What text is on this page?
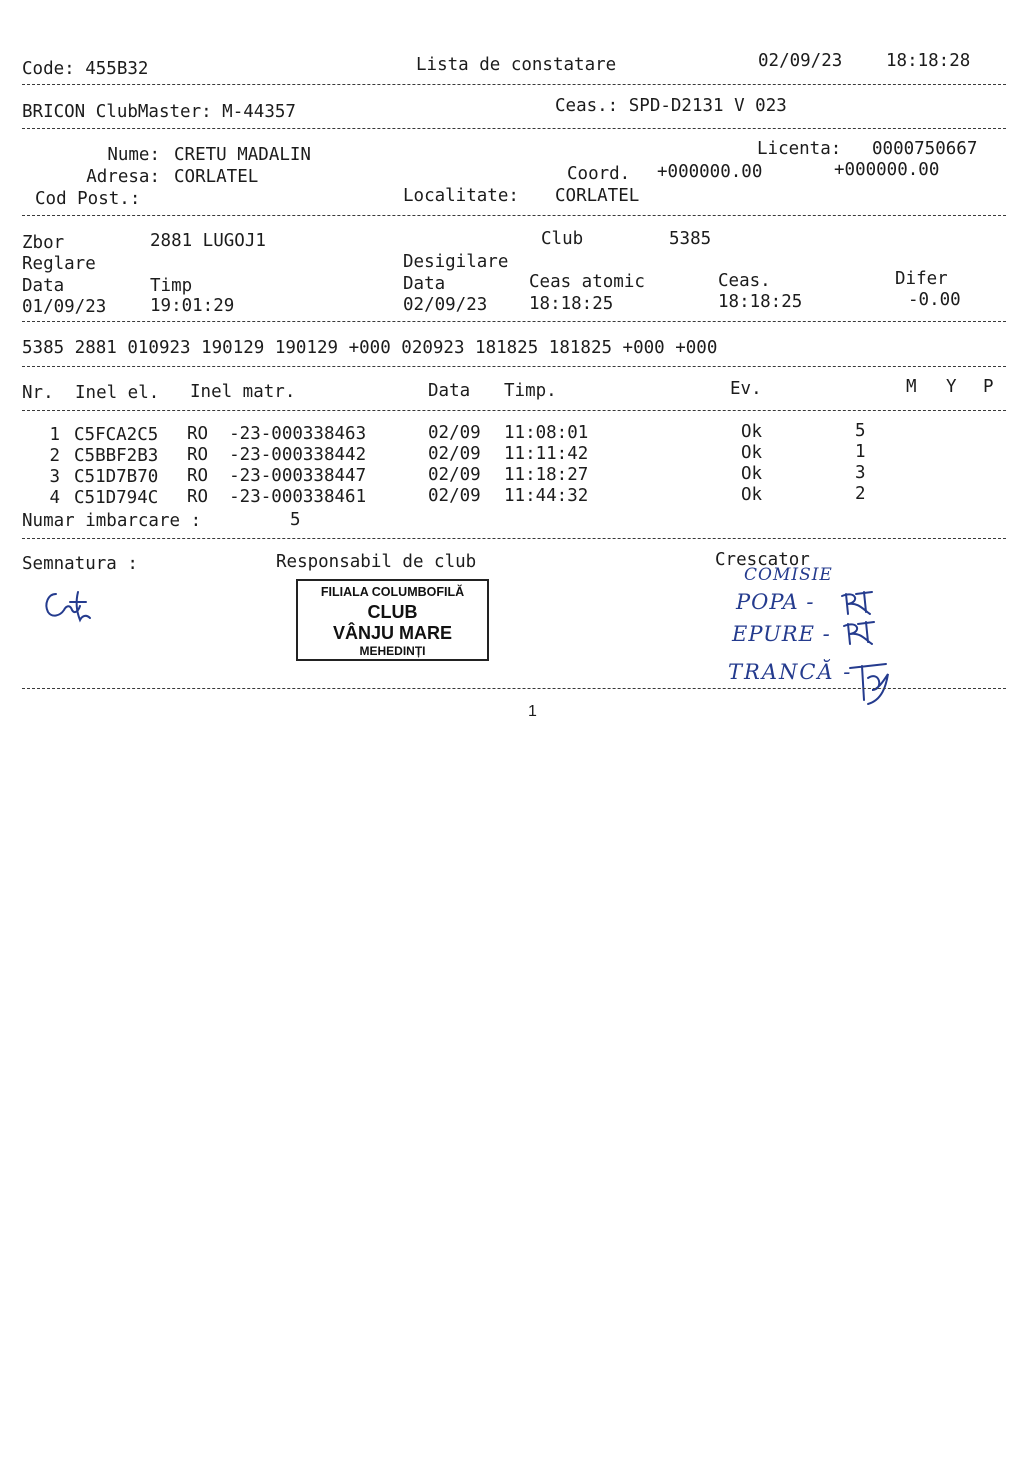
Code: 455B32	Lista de constatare	02/09/23 18:18:28
BRICON ClubMaster: M-44357	Ceas.: SPD-D2131 V 023
Nume: CRETU MADALIN	Licenta: 0000750667
Adresa: CORLATEL	Coord. +000000.00	+000000.00
Cod Post.:	Localitate: CORLATEL
Zbor	2881 LUGOJ1	Club	5385
Reglare	Desigilare
Data	Timp	Data	Ceas atomic	Ceas.	Difer
01/09/23 19:01:29	02/09/23 18:18:25	18:18:25	-0.00
5385 2881 010923 190129 190129 +000 020923 181825 181825 +000 +000
Nr. Inel el. Inel matr.	Data Timp.	Ev.	M Y P
1 C5FCA2C5 RO  -23-000338463	02/09 11:08:01	Ok	5
2 C5BBF2B3 RO  -23-000338442	02/09 11:11:42	Ok	1
3 C51D7B70 RO  -23-000338447	02/09 11:18:27	Ok	3
4 C51D794C RO  -23-000338461	02/09 11:44:32	Ok	2
Numar imbarcare :	5
Semnatura :	Responsabil de club	Crescator
FILIALA COLUMBOFILĂ
CLUB
VÂNJU MARE
MEHEDINȚI
COMISIE
POPA -
EPURE -
TRANCĂ -
1
